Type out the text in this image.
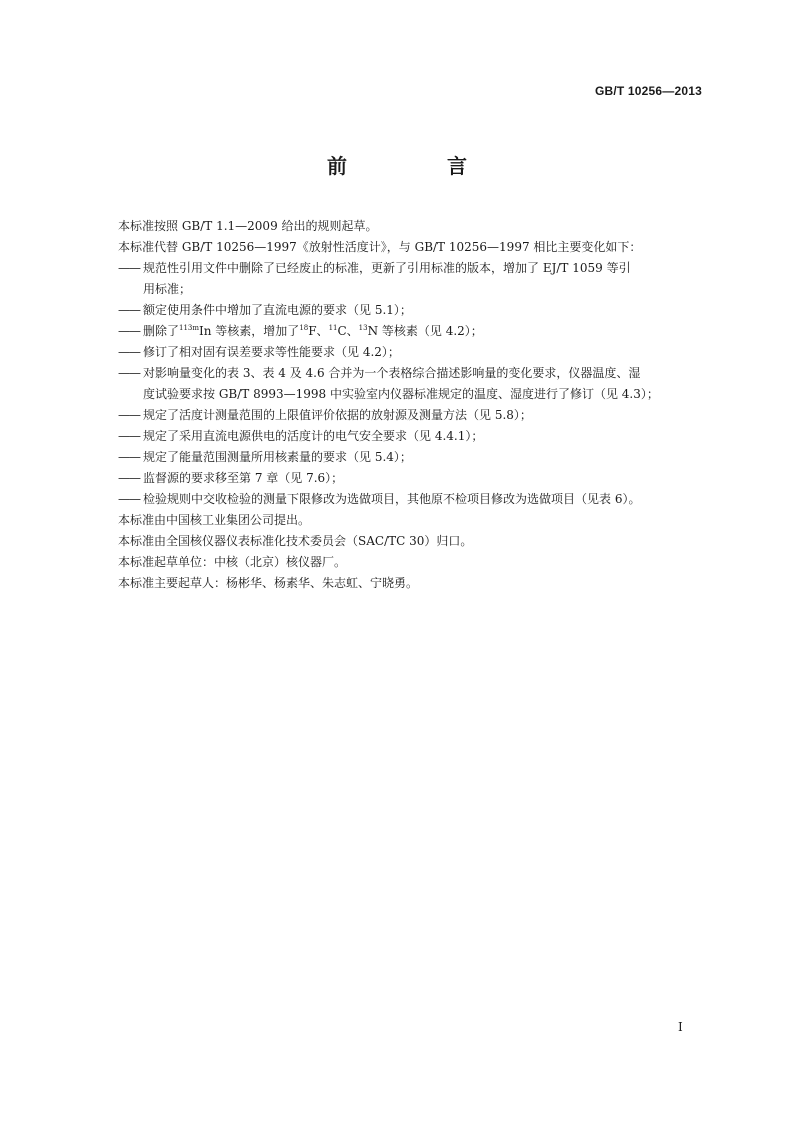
GB/T 10256—2013
前　言

本标准按照 GB/T 1.1—2009 给出的规则起草。

本标准代替 GB/T 10256—1997《放射性活度计》，与 GB/T 10256—1997 相比主要变化如下：

—— 规范性引用文件中删除了已经废止的标准，更新了引用标准的版本，增加了 EJ/T 1059 等引
用标准；
—— 额定使用条件中增加了直流电源的要求（见 5.1）；
—— 删除了$^{113m}$In 等核素，增加了$^{18}$F、$^{11}$C、$^{13}$N 等核素（见 4.2）；
—— 修订了相对固有误差要求等性能要求（见 4.2）；
—— 对影响量变化的表 3、表 4 及 4.6 合并为一个表格综合描述影响量的变化要求，仪器温度、湿
度试验要求按 GB/T 8993—1998 中实验室内仪器标准规定的温度、湿度进行了修订（见 4.3）；
—— 规定了活度计测量范围的上限值评价依据的放射源及测量方法（见 5.8）；
—— 规定了采用直流电源供电的活度计的电气安全要求（见 4.4.1）；
—— 规定了能量范围测量所用核素量的要求（见 5.4）；
—— 监督源的要求移至第 7 章（见 7.6）；
—— 检验规则中交收检验的测量下限修改为选做项目，其他原不检项目修改为选做项目（见表 6）。

本标准由中国核工业集团公司提出。

本标准由全国核仪器仪表标准化技术委员会（SAC/TC 30）归口。

本标准起草单位：中核（北京）核仪器厂。

本标准主要起草人：杨彬华、杨素华、朱志虹、宁晓勇。

I
